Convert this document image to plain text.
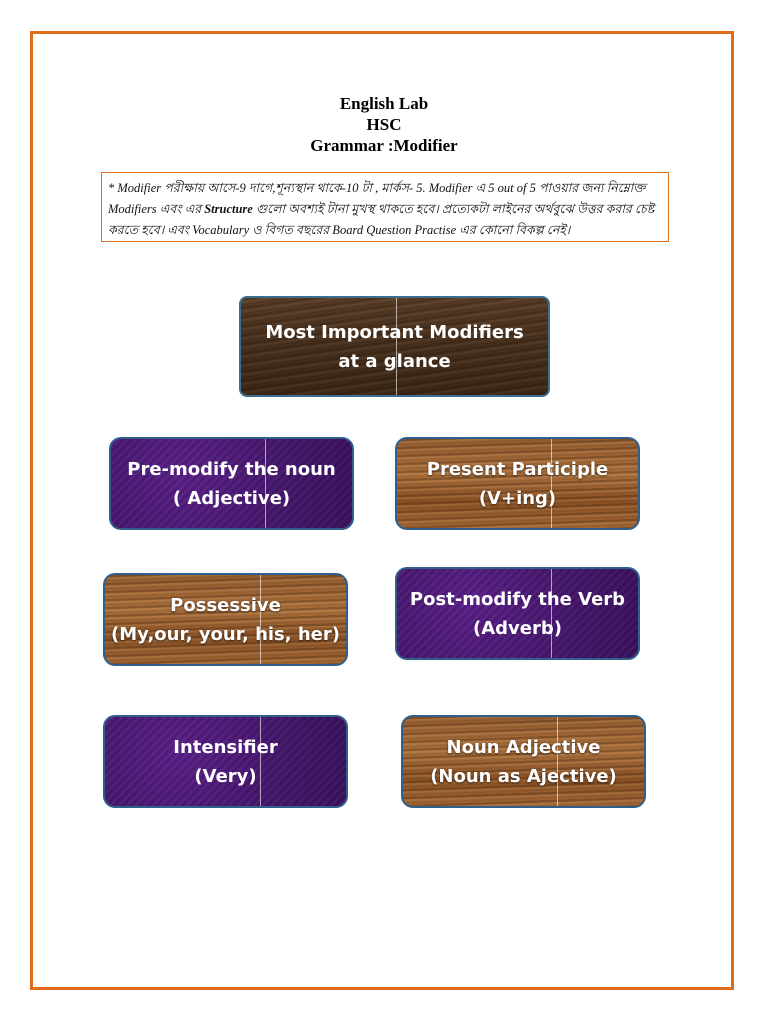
English Lab
HSC
Grammar :Modifier
* Modifier পরীক্ষায় আসে-9 দাগে,শূন্যস্থান থাকে-10 টা , মার্কস- 5. Modifier এ 5 out of 5 পাওয়ার জন্য নিম্নোক্ত Modifiers এবং এর Structure গুলো অবশ্যই টানা মুখস্থ থাকতে হবে। প্রত্যেকটা লাইনের অর্থবুঝে উত্তর করার চেষ্ট করতে হবে। এবং Vocabulary ও বিগত বছরের Board Question Practise এর কোনো বিকল্প নেই।
Most Important Modifiers
at a glance
Pre-modify the noun
( Adjective)
Present Participle
(V+ing)
Possessive
(My,our, your, his, her)
Post-modify the Verb
(Adverb)
Intensifier
(Very)
Noun Adjective
(Noun as Ajective)
